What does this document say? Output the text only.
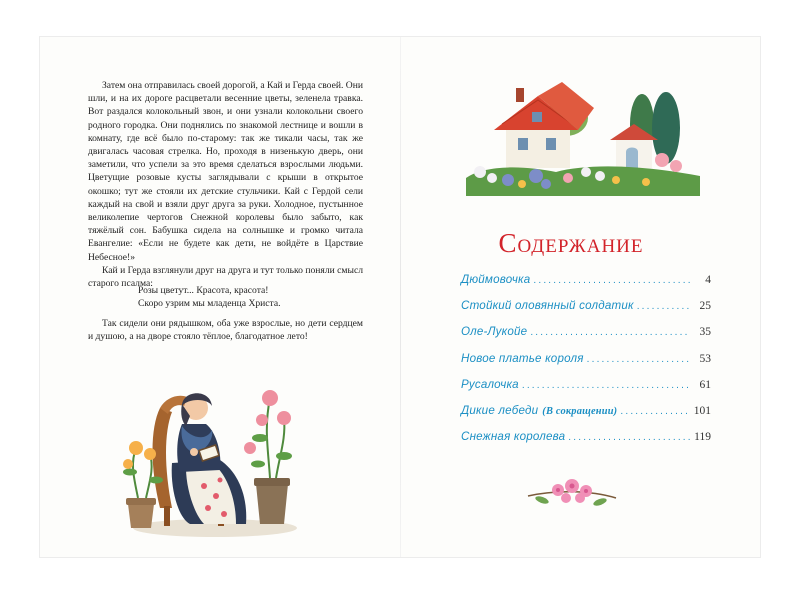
Затем она отправилась своей дорогой, а Кай и Герда своей. Они шли, и на их дороге расцветали весенние цветы, зеленела травка. Вот раздался колокольный звон, и они узнали колокольни своего родного городка. Они поднялись по знакомой лестнице и вошли в комнату, где всё было по-старому: так же тикали часы, так же двигалась часовая стрелка. Но, проходя в низенькую дверь, они заметили, что успели за это время сделаться взрослыми людьми. Цветущие розовые кусты заглядывали с крыши в открытое окошко; тут же стояли их детские стульчики. Кай с Гердой сели каждый на свой и взяли друг друга за руки. Холодное, пустынное великолепие чертогов Снежной королевы было забыто, как тяжёлый сон. Бабушка сидела на солнышке и громко читала Евангелие: «Если не будете как дети, не войдёте в Царствие Небесное!»

Кай и Герда взглянули друг на друга и тут только поняли смысл старого псалма:

Розы цветут... Красота, красота!
Скоро узрим мы младенца Христа.

Так сидели они рядышком, оба уже взрослые, но дети сердцем и душою, а на дворе стояло тёплое, благодатное лето!

Содержание
Дюймовочка .....	4
Стойкий оловянный солдатик .....	25
Оле-Лукойе .....	35
Новое платье короля .....	53
Русалочка .....	61
Дикие лебеди (В сокращении) .....	101
Снежная королева .....	119
